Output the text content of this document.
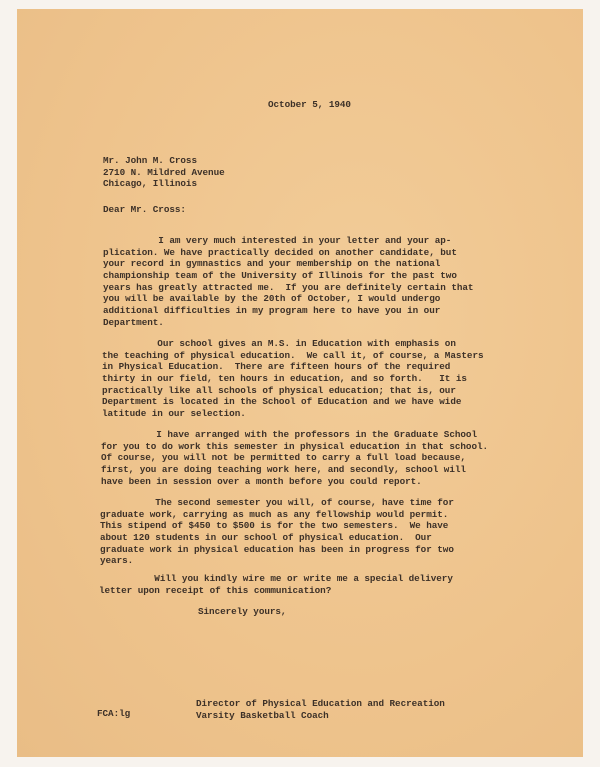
October 5, 1940
Mr. John M. Cross
2710 N. Mildred Avenue
Chicago, Illinois
Dear Mr. Cross:
I am very much interested in your letter and your ap-
plication. We have practically decided on another candidate, but
your record in gymnastics and your membership on the national
championship team of the University of Illinois for the past two
years has greatly attracted me.  If you are definitely certain that
you will be available by the 20th of October, I would undergo
additional difficulties in my program here to have you in our
Department.
Our school gives an M.S. in Education with emphasis on
the teaching of physical education.  We call it, of course, a Masters
in Physical Education.  There are fifteen hours of the required
thirty in our field, ten hours in education, and so forth.   It is
practically like all schools of physical education; that is, our
Department is located in the School of Education and we have wide
latitude in our selection.
I have arranged with the professors in the Graduate School
for you to do work this semester in physical education in that school.
Of course, you will not be permitted to carry a full load because,
first, you are doing teaching work here, and secondly, school will
have been in session over a month before you could report.
The second semester you will, of course, have time for
graduate work, carrying as much as any fellowship would permit.
This stipend of $450 to $500 is for the two semesters.  We have
about 120 students in our school of physical education.  Our
graduate work in physical education has been in progress for two
years.
Will you kindly wire me or write me a special delivery
letter upon receipt of this communication?
Sincerely yours,
Director of Physical Education and Recreation
Varsity Basketball Coach
FCA:lg
